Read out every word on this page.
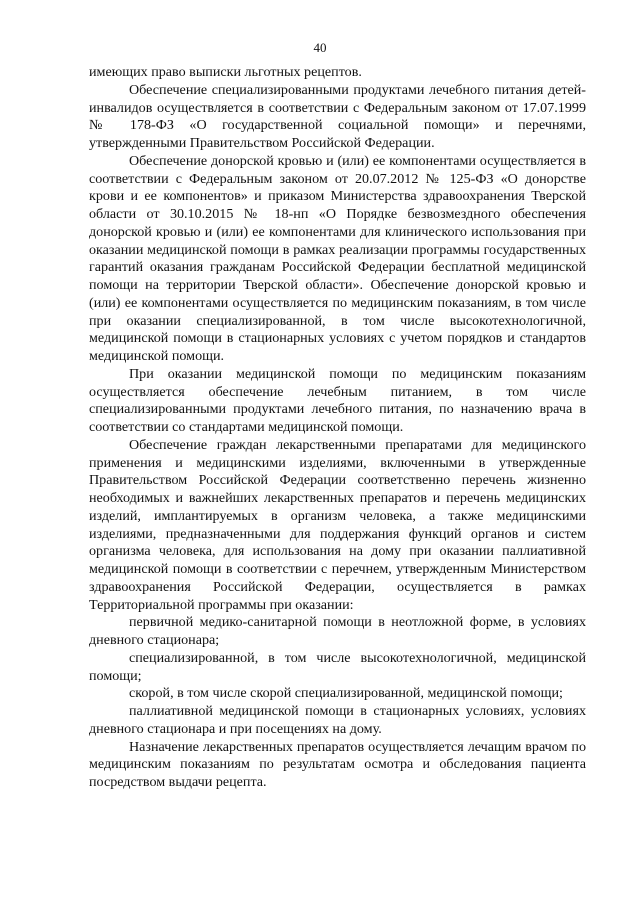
40

имеющих право выписки льготных рецептов.

Обеспечение специализированными продуктами лечебного питания детей-инвалидов осуществляется в соответствии с Федеральным законом от 17.07.1999 № 178-ФЗ «О государственной социальной помощи» и перечнями, утвержденными Правительством Российской Федерации.

Обеспечение донорской кровью и (или) ее компонентами осуществляется в соответствии с Федеральным законом от 20.07.2012 № 125-ФЗ «О донорстве крови и ее компонентов» и приказом Министерства здравоохранения Тверской области от 30.10.2015 № 18-нп «О Порядке безвозмездного обеспечения донорской кровью и (или) ее компонентами для клинического использования при оказании медицинской помощи в рамках реализации программы государственных гарантий оказания гражданам Российской Федерации бесплатной медицинской помощи на территории Тверской области». Обеспечение донорской кровью и (или) ее компонентами осуществляется по медицинским показаниям, в том числе при оказании специализированной, в том числе высокотехнологичной, медицинской помощи в стационарных условиях с учетом порядков и стандартов медицинской помощи.

При оказании медицинской помощи по медицинским показаниям осуществляется обеспечение лечебным питанием, в том числе специализированными продуктами лечебного питания, по назначению врача в соответствии со стандартами медицинской помощи.

Обеспечение граждан лекарственными препаратами для медицинского применения и медицинскими изделиями, включенными в утвержденные Правительством Российской Федерации соответственно перечень жизненно необходимых и важнейших лекарственных препаратов и перечень медицинских изделий, имплантируемых в организм человека, а также медицинскими изделиями, предназначенными для поддержания функций органов и систем организма человека, для использования на дому при оказании паллиативной медицинской помощи в соответствии с перечнем, утвержденным Министерством здравоохранения Российской Федерации, осуществляется в рамках Территориальной программы при оказании:

первичной медико-санитарной помощи в неотложной форме, в условиях дневного стационара;

специализированной, в том числе высокотехнологичной, медицинской помощи;

скорой, в том числе скорой специализированной, медицинской помощи;

паллиативной медицинской помощи в стационарных условиях, условиях дневного стационара и при посещениях на дому.

Назначение лекарственных препаратов осуществляется лечащим врачом по медицинским показаниям по результатам осмотра и обследования пациента посредством выдачи рецепта.
